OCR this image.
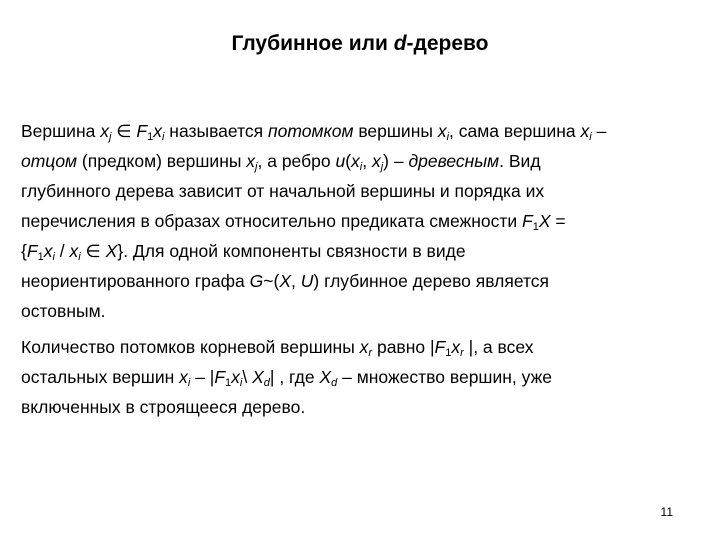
Глубинное или d-дерево

Вершина $x_j$ ∈ $F_1x_i$ называется потомком вершины $x_i$, сама вершина $x_i$ –
отцом (предком) вершины $x_j$, а ребро $u(x_i$, $x_j$) – древесным. Вид
глубинного дерева зависит от начальной вершины и порядка их
перечисления в образах относительно предиката смежности $F_1X$ =
{$F_1x_i / x_i$ ∈ X}. Для одной компоненты связности в виде
неориентированного графа G~(X, U) глубинное дерево является
остовным.

Количество потомков корневой вершины $x_r$ равно $|F_1x_r$ |, а всех
остальных вершин $x_i$ – $|F_1x_i\backslash$ $X_d|$ , где $X_d$ – множество вершин, уже
включенных в строящееся дерево.

11
